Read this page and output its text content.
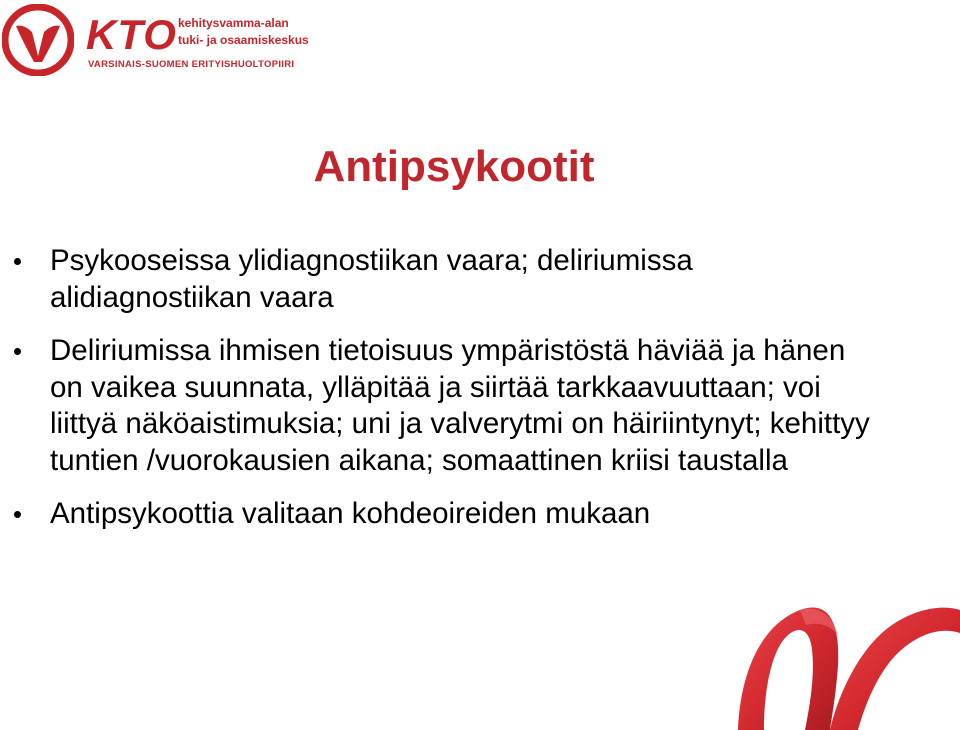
KTO kehitysvamma-alan
tuki- ja osaamiskeskus
VARSINAIS-SUOMEN ERITYISHUOLTOPIIRI
Antipsykootit
Psykooseissa ylidiagnostiikan vaara; deliriumissa alidiagnostiikan vaara
Deliriumissa ihmisen tietoisuus ympäristöstä häviää ja hänen on vaikea suunnata, ylläpitää ja siirtää tarkkaavuuttaan; voi liittyä näköaistimuksia; uni ja valverytmi on häiriintynyt; kehittyy tuntien /vuorokausien aikana; somaattinen kriisi taustalla
Antipsykoottia valitaan kohdeoireiden mukaan
